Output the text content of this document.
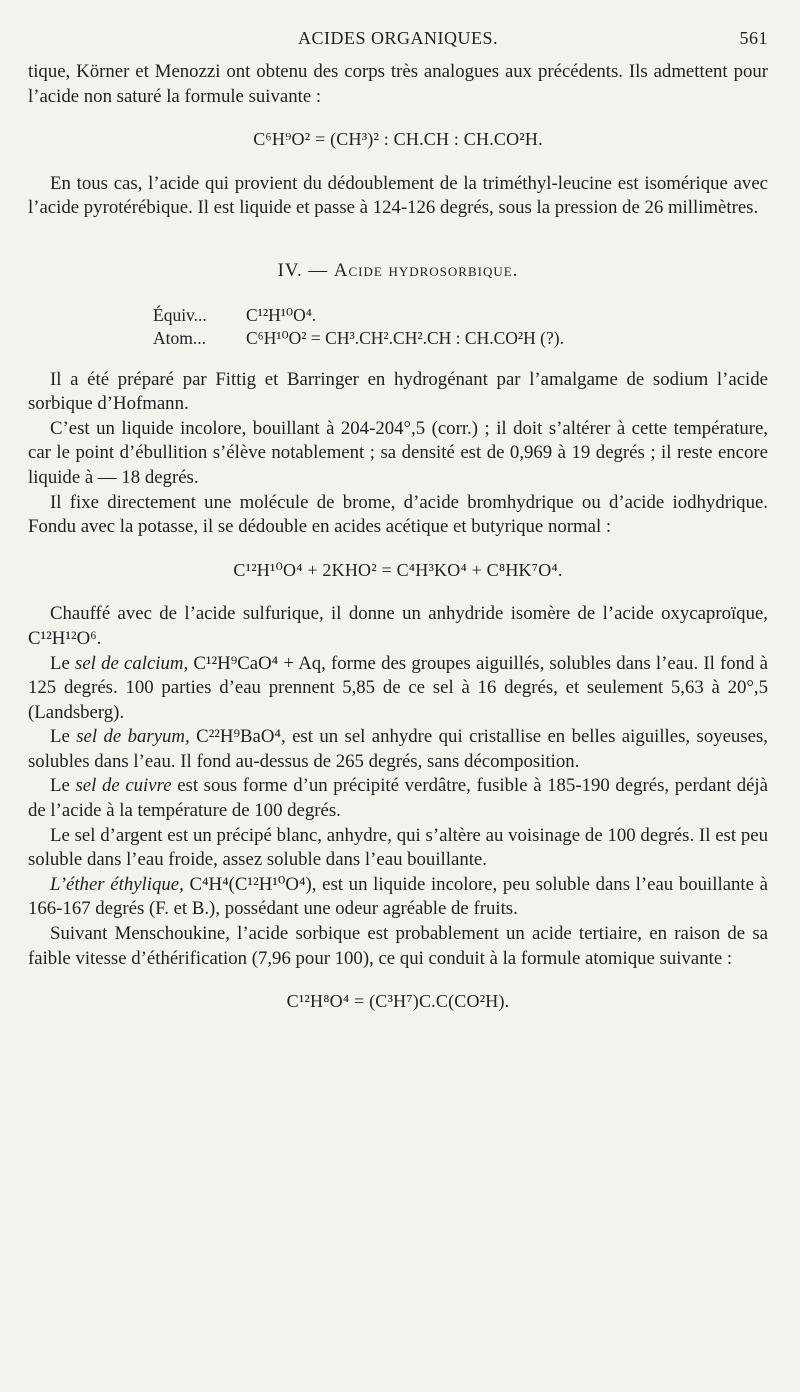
ACIDES ORGANIQUES.	561

tique, Körner et Menozzi ont obtenu des corps très analogues aux précédents. Ils admettent pour l’acide non saturé la formule suivante :

C⁶H⁹O² = (CH³)² : CH.CH : CH.CO²H.

En tous cas, l’acide qui provient du dédoublement de la triméthyl-leucine est isomérique avec l’acide pyrotérébique. Il est liquide et passe à 124-126 degrés, sous la pression de 26 millimètres.

IV. — Acide hydrosorbique.
Équiv...	C¹²H¹⁰O⁴.
Atom...	C⁶H¹⁰O² = CH³.CH².CH².CH : CH.CO²H (?).

Il a été préparé par Fittig et Barringer en hydrogénant par l’amalgame de sodium l’acide sorbique d’Hofmann.

C’est un liquide incolore, bouillant à 204-204°,5 (corr.) ; il doit s’altérer à cette température, car le point d’ébullition s’élève notablement ; sa densité est de 0,969 à 19 degrés ; il reste encore liquide à — 18 degrés.

Il fixe directement une molécule de brome, d’acide bromhydrique ou d’acide iodhydrique. Fondu avec la potasse, il se dédouble en acides acétique et butyrique normal :

C¹²H¹⁰O⁴ + 2KHO² = C⁴H³KO⁴ + C⁸HK⁷O⁴.

Chauffé avec de l’acide sulfurique, il donne un anhydride isomère de l’acide oxycaproïque, C¹²H¹²O⁶.

Le sel de calcium, C¹²H⁹CaO⁴ + Aq, forme des groupes aiguillés, solubles dans l’eau. Il fond à 125 degrés. 100 parties d’eau prennent 5,85 de ce sel à 16 degrés, et seulement 5,63 à 20°,5 (Landsberg).

Le sel de baryum, C²²H⁹BaO⁴, est un sel anhydre qui cristallise en belles aiguilles, soyeuses, solubles dans l’eau. Il fond au-dessus de 265 degrés, sans décomposition.

Le sel de cuivre est sous forme d’un précipité verdâtre, fusible à 185-190 degrés, perdant déjà de l’acide à la température de 100 degrés.

Le sel d’argent est un précipé blanc, anhydre, qui s’altère au voisinage de 100 degrés. Il est peu soluble dans l’eau froide, assez soluble dans l’eau bouillante.

L’éther éthylique, C⁴H⁴(C¹²H¹⁰O⁴), est un liquide incolore, peu soluble dans l’eau bouillante à 166-167 degrés (F. et B.), possédant une odeur agréable de fruits.

Suivant Menschoukine, l’acide sorbique est probablement un acide tertiaire, en raison de sa faible vitesse d’éthérification (7,96 pour 100), ce qui conduit à la formule atomique suivante :

C¹²H⁸O⁴ = (C³H⁷)C.C(CO²H).
